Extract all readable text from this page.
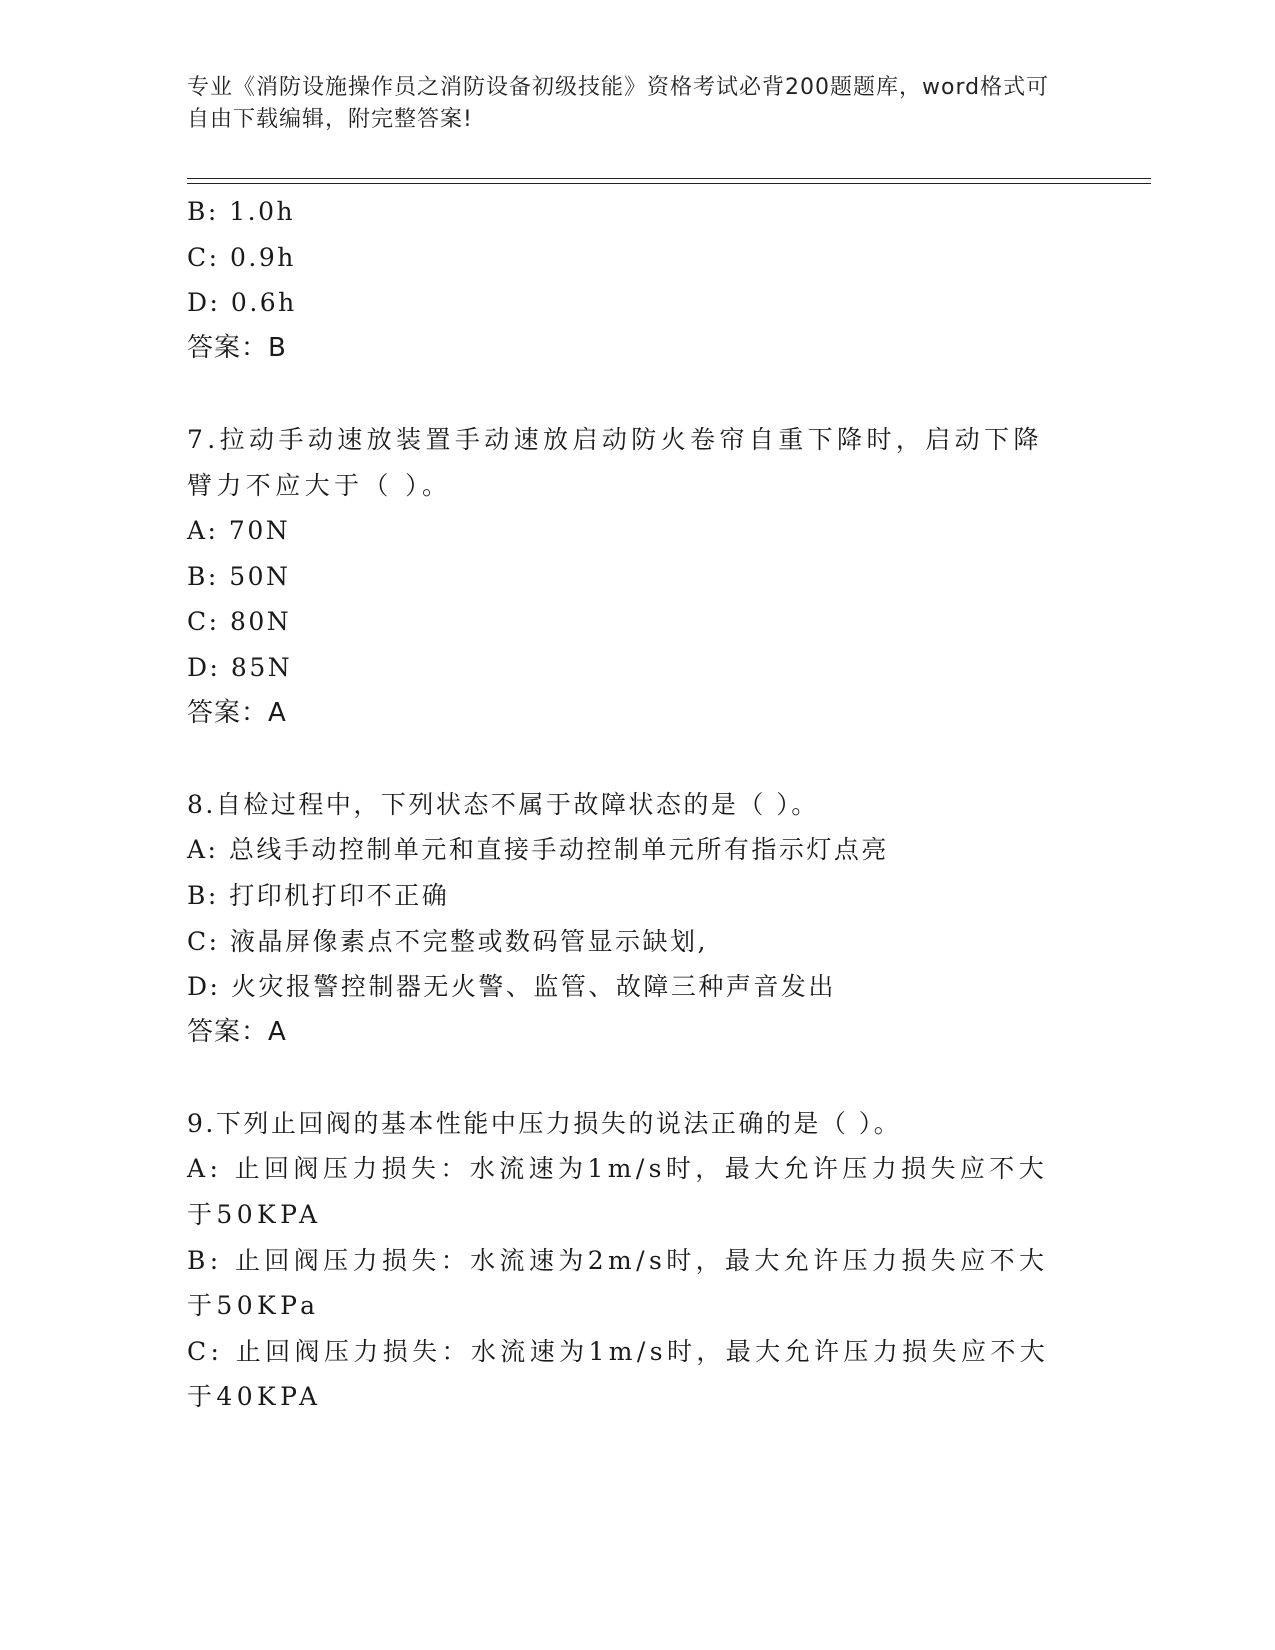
专业《消防设施操作员之消防设备初级技能》资格考试必背200题题库，word格式可自由下载编辑，附完整答案!
B: 1.0h
C: 0.9h
D: 0.6h
答案：B
7.拉动手动速放装置手动速放启动防火卷帘自重下降时，启动下降臂力不应大于（ ）。
A: 70N
B: 50N
C: 80N
D: 85N
答案：A
8.自检过程中，下列状态不属于故障状态的是（ ）。
A: 总线手动控制单元和直接手动控制单元所有指示灯点亮
B: 打印机打印不正确
C: 液晶屏像素点不完整或数码管显示缺划,
D: 火灾报警控制器无火警、监管、故障三种声音发出
答案：A
9.下列止回阀的基本性能中压力损失的说法正确的是（ ）。
A: 止回阀压力损失：水流速为1m/s时，最大允许压力损失应不大于50KPA
B: 止回阀压力损失：水流速为2m/s时，最大允许压力损失应不大于50KPa
C: 止回阀压力损失：水流速为1m/s时，最大允许压力损失应不大于40KPA
